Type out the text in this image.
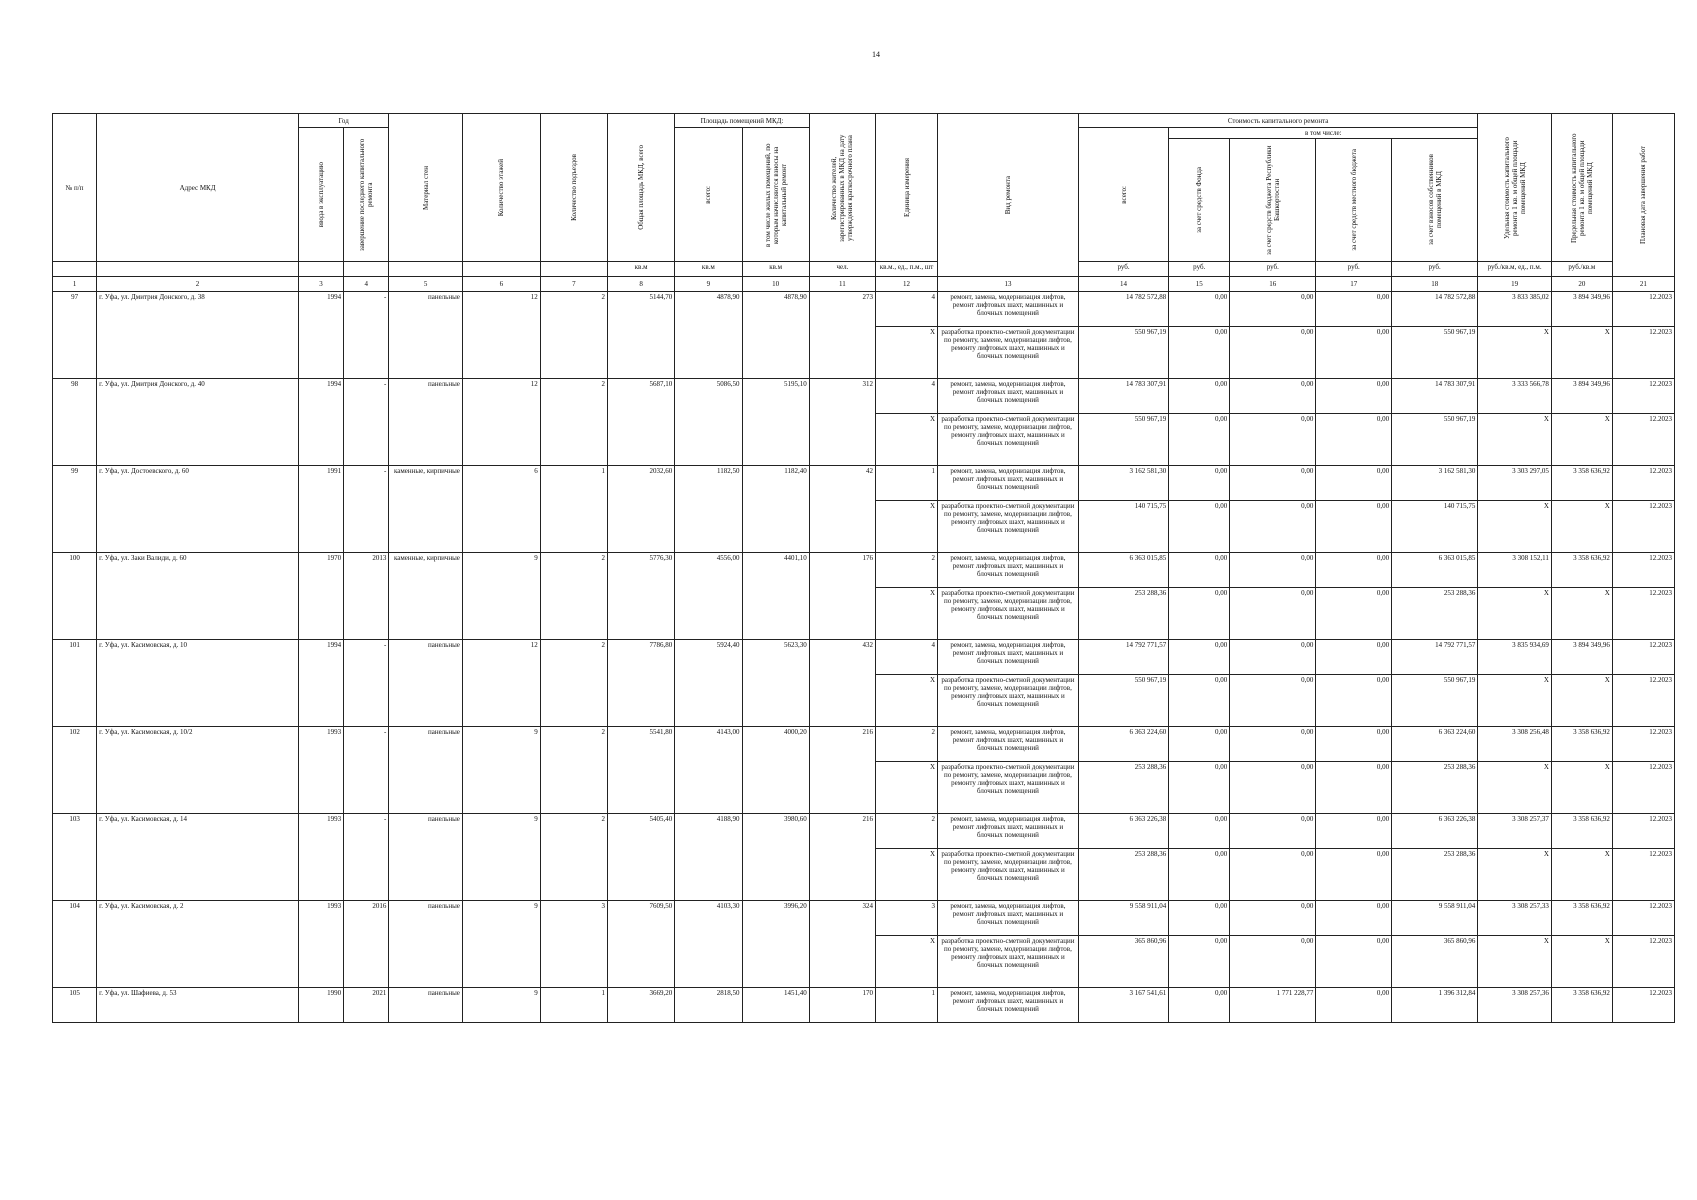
14
№ п/п	Адрес МКД	Год		Материал стен	Количество этажей	Количество подъездов	Общая площадь МКД, всего	Площадь помещений МКД:		Количество жителей, зарегистрированных в МКД на дату утверждения краткосрочного плана	Единица измерения	Вид ремонта	Стоимость капитального ремонта					Удельная стоимость капитального ремонта 1 кв. м общей площади помещений МКД	Предельная стоимость капитального ремонта 1 кв. м общей площади помещений МКД	Плановая дата завершения работ

		ввода в эксплуатацию	завершение последнего капитального ремонта					всего:	в том числе жилых помещений, по которым начисляются взносы на капитальный ремонт				всего:	в том числе:						

														за счет средств Фонда	за счет средств бюджета Республики Башкортостан	за счет средств местного бюджета	за счет взносов собственников помещений в МКД			

							кв.м	кв.м	кв.м	чел.	кв.м., ед., п.м., шт		руб.	руб.	руб.	руб.	руб.	руб./кв.м, ед., п.м.	руб./кв.м	
1	2	3	4	5	6	7	8	9	10	11	12	13	14	15	16	17	18	19	20	21
97	г. Уфа, ул. Дмитрия Донского, д. 38	1994	-	панельные	12	2	5144,70	4878,90	4878,90	273	4	ремонт, замена, модернизация лифтов, ремонт лифтовых шахт, машинных и блочных помещений	14 782 572,88	0,00	0,00	0,00	14 782 572,88	3 833 385,02	3 894 349,96	12.2023
											X	разработка проектно-сметной документации по ремонту, замене, модернизации лифтов, ремонту лифтовых шахт, машинных и блочных помещений	550 967,19	0,00	0,00	0,00	550 967,19	X	X	12.2023
98	г. Уфа, ул. Дмитрия Донского, д. 40	1994	-	панельные	12	2	5687,10	5086,50	5195,10	312	4	ремонт, замена, модернизация лифтов, ремонт лифтовых шахт, машинных и блочных помещений	14 783 307,91	0,00	0,00	0,00	14 783 307,91	3 333 566,78	3 894 349,96	12.2023
											X	разработка проектно-сметной документации по ремонту, замене, модернизации лифтов, ремонту лифтовых шахт, машинных и блочных помещений	550 967,19	0,00	0,00	0,00	550 967,19	X	X	12.2023
99	г. Уфа, ул. Достоевского, д. 60	1991	-	каменные, кирпичные	6	1	2032,60	1182,50	1182,40	42	1	ремонт, замена, модернизация лифтов, ремонт лифтовых шахт, машинных и блочных помещений	3 162 581,30	0,00	0,00	0,00	3 162 581,30	3 303 297,05	3 358 636,92	12.2023
											X	разработка проектно-сметной документации по ремонту, замене, модернизации лифтов, ремонту лифтовых шахт, машинных и блочных помещений	140 715,75	0,00	0,00	0,00	140 715,75	X	X	12.2023
100	г. Уфа, ул. Заки Валиди, д. 60	1970	2013	каменные, кирпичные	9	2	5776,30	4556,00	4401,10	176	2	ремонт, замена, модернизация лифтов, ремонт лифтовых шахт, машинных и блочных помещений	6 363 015,85	0,00	0,00	0,00	6 363 015,85	3 308 152,11	3 358 636,92	12.2023
											X	разработка проектно-сметной документации по ремонту, замене, модернизации лифтов, ремонту лифтовых шахт, машинных и блочных помещений	253 288,36	0,00	0,00	0,00	253 288,36	X	X	12.2023
101	г. Уфа, ул. Касимовская, д. 10	1994	-	панельные	12	2	7786,80	5924,40	5623,30	432	4	ремонт, замена, модернизация лифтов, ремонт лифтовых шахт, машинных и блочных помещений	14 792 771,57	0,00	0,00	0,00	14 792 771,57	3 835 934,69	3 894 349,96	12.2023
											X	разработка проектно-сметной документации по ремонту, замене, модернизации лифтов, ремонту лифтовых шахт, машинных и блочных помещений	550 967,19	0,00	0,00	0,00	550 967,19	X	X	12.2023
102	г. Уфа, ул. Касимовская, д. 10/2	1993	-	панельные	9	2	5541,80	4143,00	4000,20	216	2	ремонт, замена, модернизация лифтов, ремонт лифтовых шахт, машинных и блочных помещений	6 363 224,60	0,00	0,00	0,00	6 363 224,60	3 308 256,48	3 358 636,92	12.2023
											X	разработка проектно-сметной документации по ремонту, замене, модернизации лифтов, ремонту лифтовых шахт, машинных и блочных помещений	253 288,36	0,00	0,00	0,00	253 288,36	X	X	12.2023
103	г. Уфа, ул. Касимовская, д. 14	1993	-	панельные	9	2	5405,40	4188,90	3980,60	216	2	ремонт, замена, модернизация лифтов, ремонт лифтовых шахт, машинных и блочных помещений	6 363 226,38	0,00	0,00	0,00	6 363 226,38	3 308 257,37	3 358 636,92	12.2023
											X	разработка проектно-сметной документации по ремонту, замене, модернизации лифтов, ремонту лифтовых шахт, машинных и блочных помещений	253 288,36	0,00	0,00	0,00	253 288,36	X	X	12.2023
104	г. Уфа, ул. Касимовская, д. 2	1993	2016	панельные	9	3	7609,50	4103,30	3996,20	324	3	ремонт, замена, модернизация лифтов, ремонт лифтовых шахт, машинных и блочных помещений	9 558 911,04	0,00	0,00	0,00	9 558 911,04	3 308 257,33	3 358 636,92	12.2023
											X	разработка проектно-сметной документации по ремонту, замене, модернизации лифтов, ремонту лифтовых шахт, машинных и блочных помещений	365 860,96	0,00	0,00	0,00	365 860,96	X	X	12.2023
105	г. Уфа, ул. Шафиева, д. 53	1990	2021	панельные	9	1	3669,20	2818,50	1451,40	170	1	ремонт, замена, модернизация лифтов, ремонт лифтовых шахт, машинных и блочных помещений	3 167 541,61	0,00	1 771 228,77	0,00	1 396 312,84	3 308 257,36	3 358 636,92	12.2023
